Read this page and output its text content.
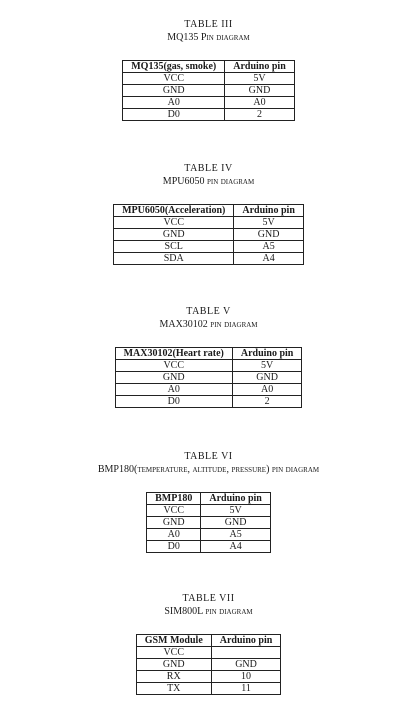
TABLE III
MQ135 Pin diagram
MQ135(gas, smoke)	Arduino pin
VCC	5V
GND	GND
A0	A0
D0	2
TABLE IV
MPU6050 pin diagram
MPU6050(Acceleration)	Arduino pin
VCC	5V
GND	GND
SCL	A5
SDA	A4
TABLE V
MAX30102 pin diagram
MAX30102(Heart rate)	Arduino pin
VCC	5V
GND	GND
A0	A0
D0	2
TABLE VI
BMP180(temperature, altitude, pressure) pin diagram
BMP180	Arduino pin
VCC	5V
GND	GND
A0	A5
D0	A4
TABLE VII
SIM800L pin diagram
GSM Module	Arduino pin
VCC	
GND	GND
RX	10
TX	11
